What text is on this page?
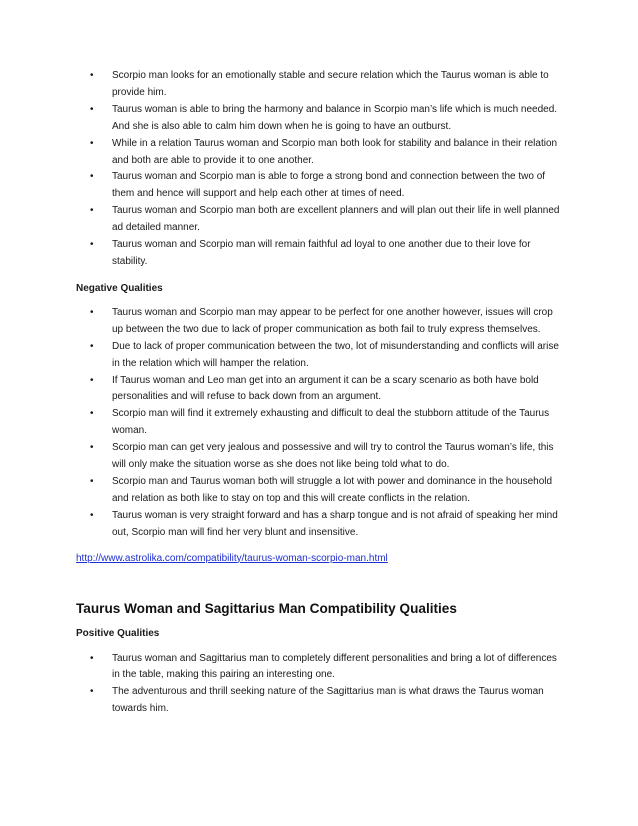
• Scorpio man looks for an emotionally stable and secure relation which the Taurus woman is able to provide him.
• Taurus woman is able to bring the harmony and balance in Scorpio man’s life which is much needed. And she is also able to calm him down when he is going to have an outburst.
• While in a relation Taurus woman and Scorpio man both look for stability and balance in their relation and both are able to provide it to one another.
• Taurus woman and Scorpio man is able to forge a strong bond and connection between the two of them and hence will support and help each other at times of need.
• Taurus woman and Scorpio man both are excellent planners and will plan out their life in well planned ad detailed manner.
• Taurus woman and Scorpio man will remain faithful ad loyal to one another due to their love for stability.
Negative Qualities
• Taurus woman and Scorpio man may appear to be perfect for one another however, issues will crop up between the two due to lack of proper communication as both fail to truly express themselves.
• Due to lack of proper communication between the two, lot of misunderstanding and conflicts will arise in the relation which will hamper the relation.
• If Taurus woman and Leo man get into an argument it can be a scary scenario as both have bold personalities and will refuse to back down from an argument.
• Scorpio man will find it extremely exhausting and difficult to deal the stubborn attitude of the Taurus woman.
• Scorpio man can get very jealous and possessive and will try to control the Taurus woman’s life, this will only make the situation worse as she does not like being told what to do.
• Scorpio man and Taurus woman both will struggle a lot with power and dominance in the household and relation as both like to stay on top and this will create conflicts in the relation.
• Taurus woman is very straight forward and has a sharp tongue and is not afraid of speaking her mind out, Scorpio man will find her very blunt and insensitive.
http://www.astrolika.com/compatibility/taurus-woman-scorpio-man.html
Taurus Woman and Sagittarius Man Compatibility Qualities
Positive Qualities
• Taurus woman and Sagittarius man to completely different personalities and bring a lot of differences in the table, making this pairing an interesting one.
• The adventurous and thrill seeking nature of the Sagittarius man is what draws the Taurus woman towards him.
